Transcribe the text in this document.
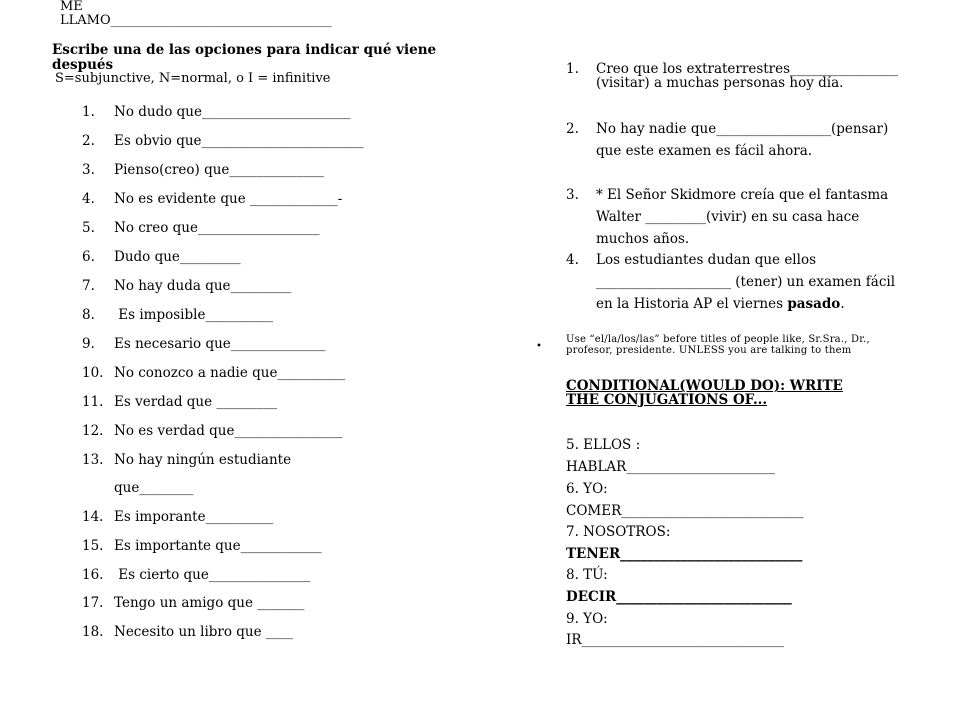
ME
LLAMO__________________________________
Escribe una de las opciones para indicar qué viene después
S=subjunctive, N=normal, o I = infinitive
1. No dudo que______________________
2. Es obvio que________________________
3. Pienso(creo) que______________
4. No es evidente que _____________-
5. No creo que__________________
6. Dudo que_________
7. No hay duda que_________
8. Es imposible__________
9. Es necesario que______________
10. No conozco a nadie que__________
11. Es verdad que _________
12. No es verdad que________________
13. No hay ningún estudiante
que________
14. Es imporante__________
15. Es importante que____________
16. Es cierto que_______________
17. Tengo un amigo que _______
18. Necesito un libro que ____
1. Creo que los extraterrestres________________ (visitar) a muchas personas hoy día.
2. No hay nadie que_________________(pensar) que este examen es fácil ahora.
3. * El Señor Skidmore creía que el fantasma Walter _________(vivir) en su casa hace muchos años.
4. Los estudiantes dudan que ellos ____________________ (tener) un examen fácil en la Historia AP el viernes pasado.
•
Use “el/la/los/las” before titles of people like, Sr.Sra., Dr., profesor, presidente. UNLESS you are talking to them
CONDITIONAL(WOULD DO): WRITE THE CONJUGATIONS OF...
5. ELLOS :
HABLAR______________________
6. YO:
COMER___________________________
7. NOSOTROS:
TENER___________________________
8. TÚ:
DECIR__________________________
9. YO:
IR______________________________
